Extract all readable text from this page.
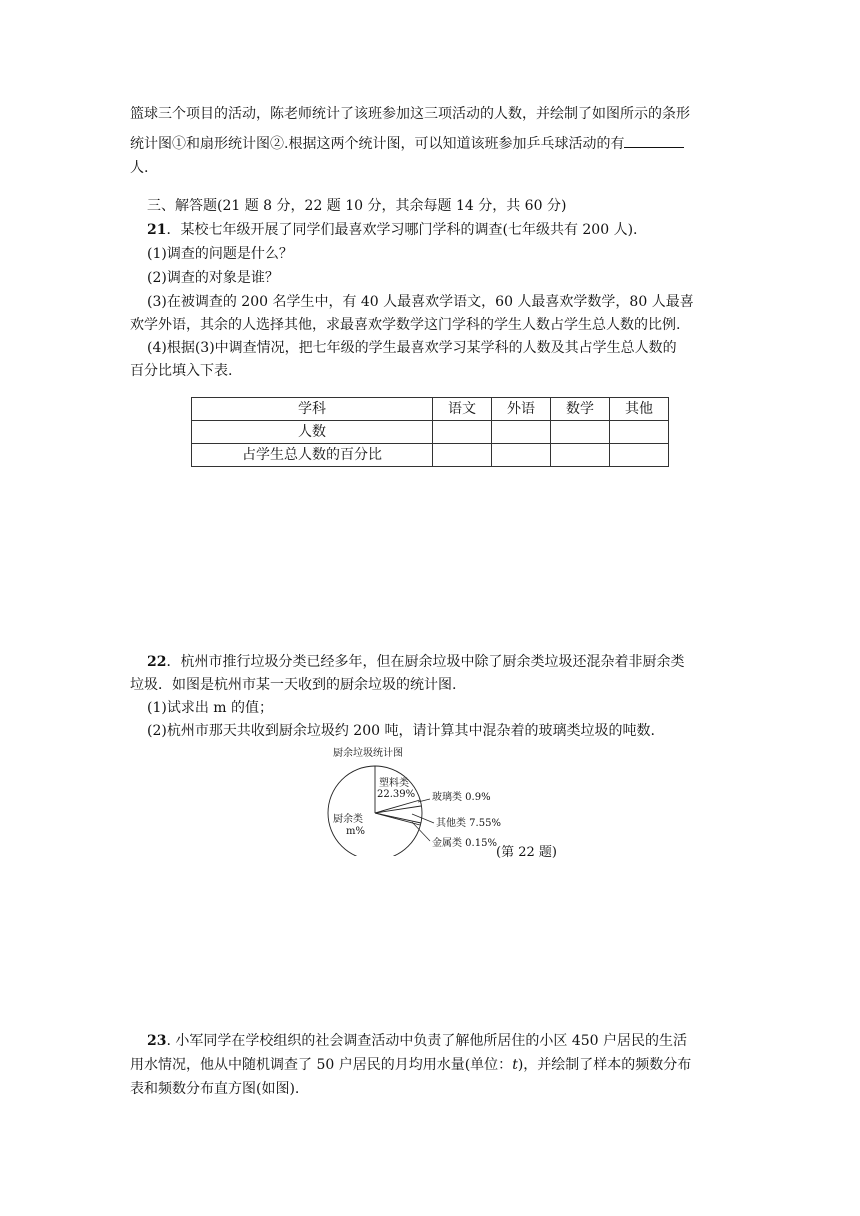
篮球三个项目的活动，陈老师统计了该班参加这三项活动的人数，并绘制了如图所示的条形

统计图①和扇形统计图②.根据这两个统计图，可以知道该班参加乒乓球活动的有

人.

三、解答题(21 题 8 分，22 题 10 分，其余每题 14 分，共 60 分)

21．某校七年级开展了同学们最喜欢学习哪门学科的调查(七年级共有 200 人).

(1)调查的问题是什么？

(2)调查的对象是谁？

(3)在被调查的 200 名学生中，有 40 人最喜欢学语文，60 人最喜欢学数学，80 人最喜

欢学外语，其余的人选择其他，求最喜欢学数学这门学科的学生人数占学生总人数的比例.

(4)根据(3)中调查情况，把七年级的学生最喜欢学习某学科的人数及其占学生总人数的

百分比填入下表.

学科	语文	外语	数学	其他
人数				
占学生总人数的百分比				

22．杭州市推行垃圾分类已经多年，但在厨余垃圾中除了厨余类垃圾还混杂着非厨余类

垃圾．如图是杭州市某一天收到的厨余垃圾的统计图.

(1)试求出 m 的值；

(2)杭州市那天共收到厨余垃圾约 200 吨，请计算其中混杂着的玻璃类垃圾的吨数.

厨余垃圾统计图
塑料类
22.39%
厨余类
m%
玻璃类 0.9%
其他类 7.55%
金属类 0.15%
(第 22 题)

23. 小军同学在学校组织的社会调查活动中负责了解他所居住的小区 450 户居民的生活

用水情况，他从中随机调查了 50 户居民的月均用水量(单位：t)，并绘制了样本的频数分布

表和频数分布直方图(如图).
